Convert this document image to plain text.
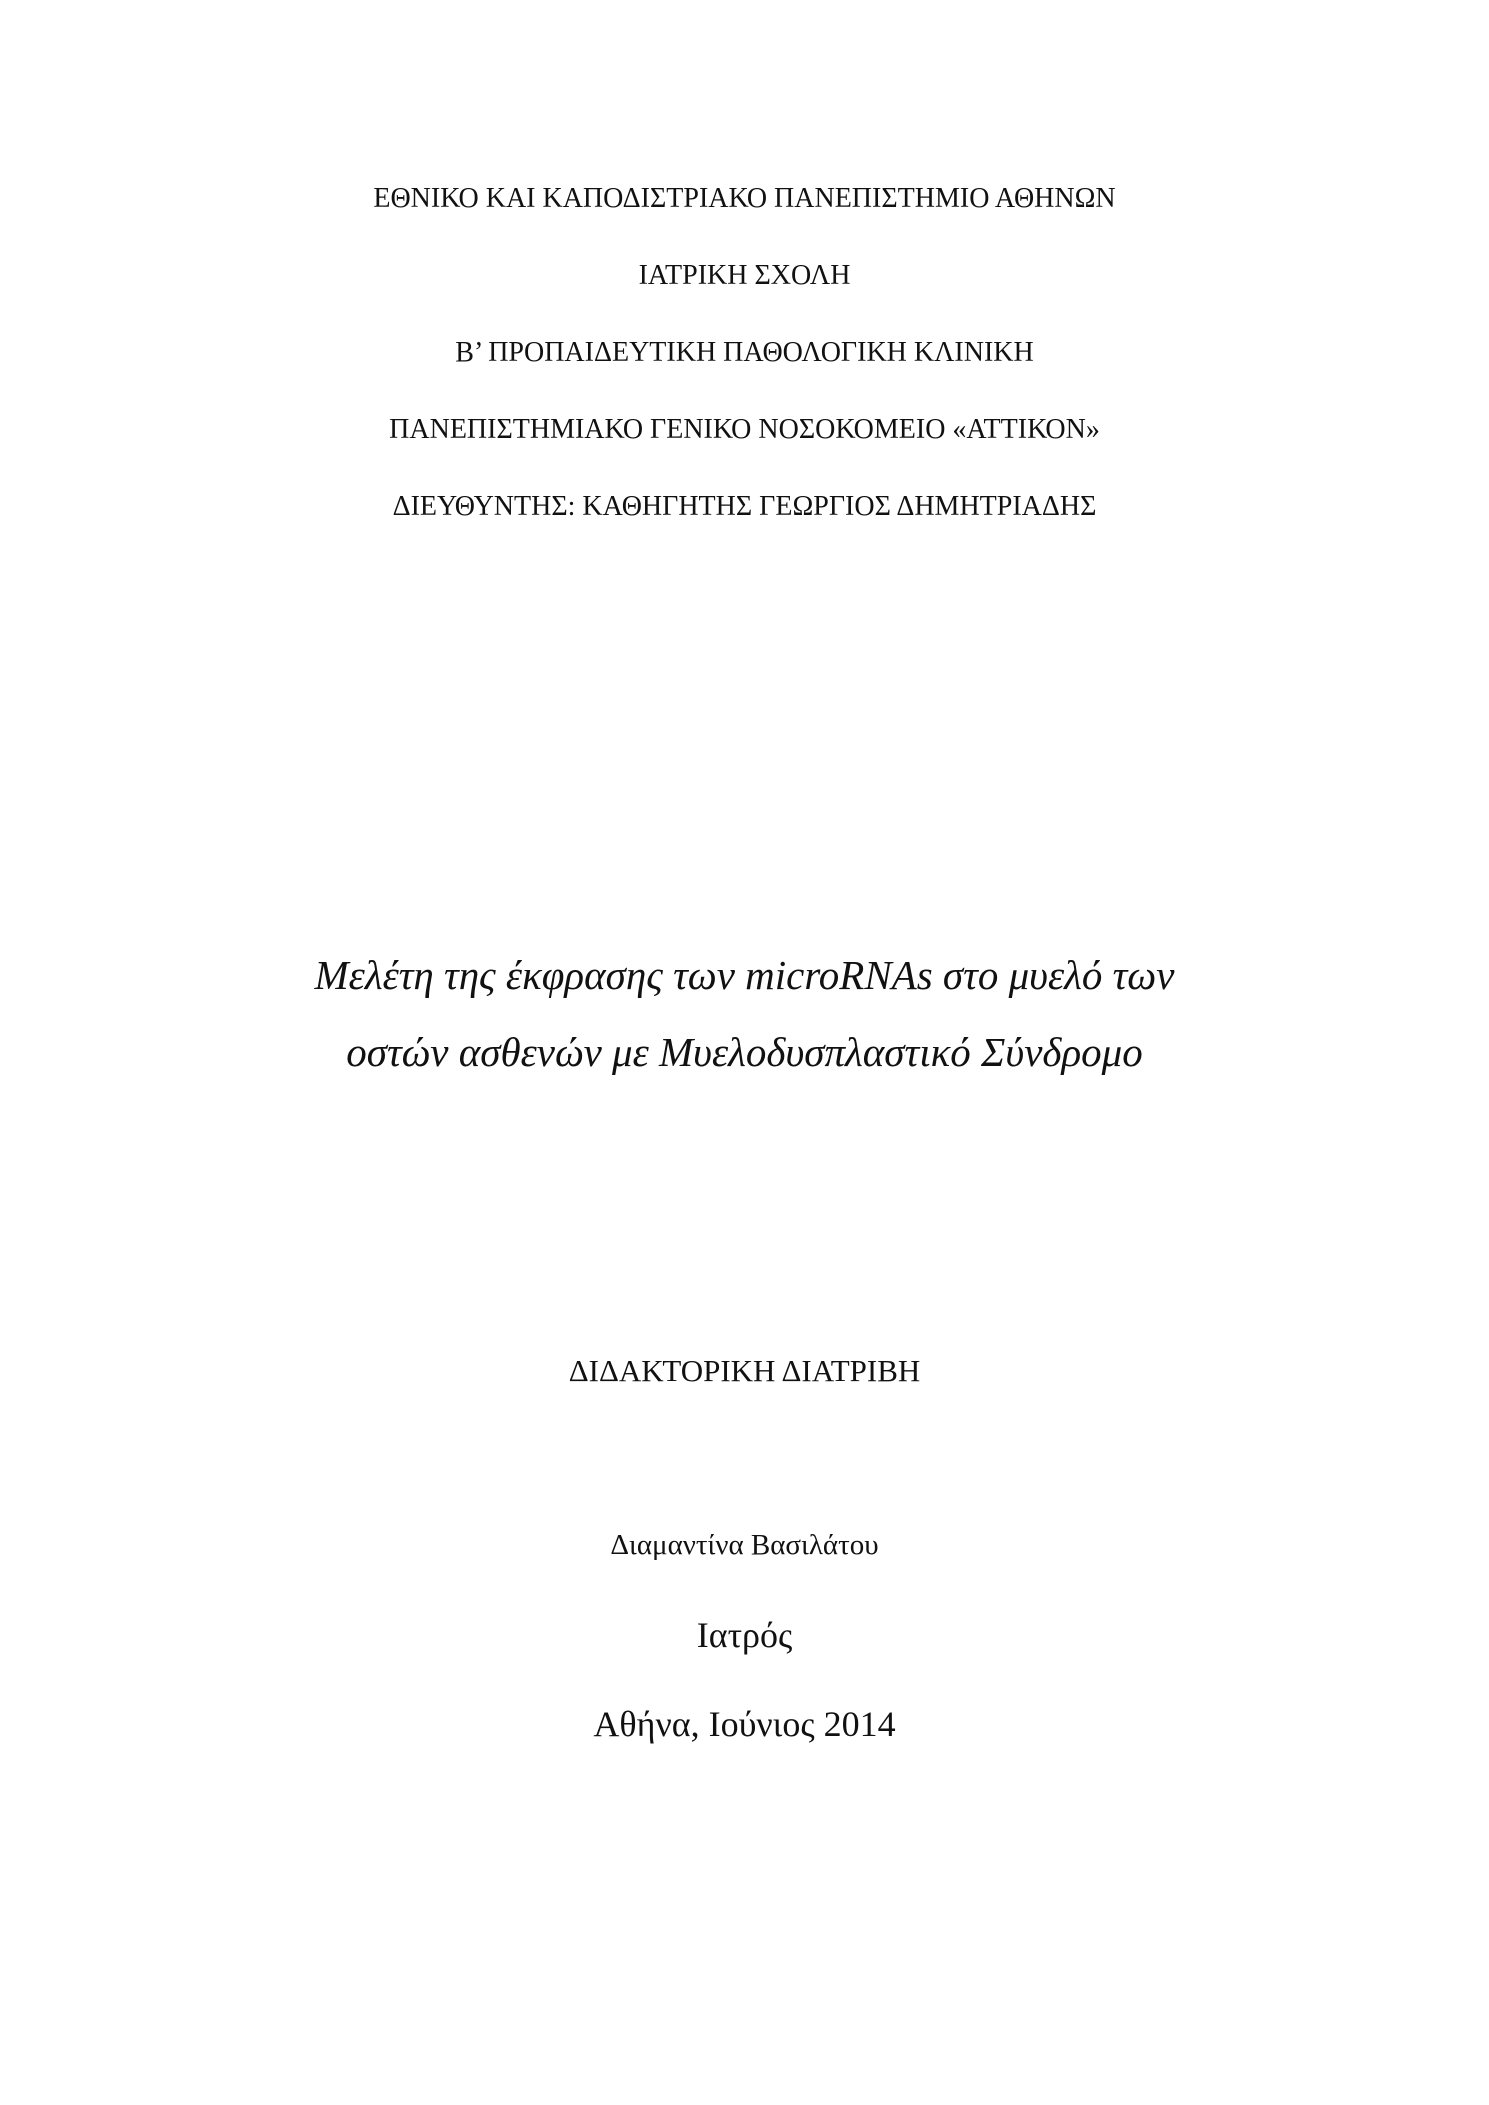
ΕΘΝΙΚΟ ΚΑΙ ΚΑΠΟΔΙΣΤΡΙΑΚΟ ΠΑΝΕΠΙΣΤΗΜΙΟ ΑΘΗΝΩΝ
ΙΑΤΡΙΚΗ ΣΧΟΛΗ
Β’ ΠΡΟΠΑΙΔΕΥΤΙΚΗ ΠΑΘΟΛΟΓΙΚΗ ΚΛΙΝΙΚΗ
ΠΑΝΕΠΙΣΤΗΜΙΑΚΟ ΓΕΝΙΚΟ ΝΟΣΟΚΟΜΕΙΟ «ΑΤΤΙΚΟΝ»
ΔΙΕΥΘΥΝΤΗΣ: ΚΑΘΗΓΗΤΗΣ ΓΕΩΡΓΙΟΣ ΔΗΜΗΤΡΙΑΔΗΣ
Μελέτη της έκφρασης των microRNAs στο μυελό των
οστών ασθενών με Μυελοδυσπλαστικό Σύνδρομο
ΔΙΔΑΚΤΟΡΙΚΗ ΔΙΑΤΡΙΒΗ
Διαμαντίνα Βασιλάτου
Ιατρός
Αθήνα, Ιούνιος 2014
